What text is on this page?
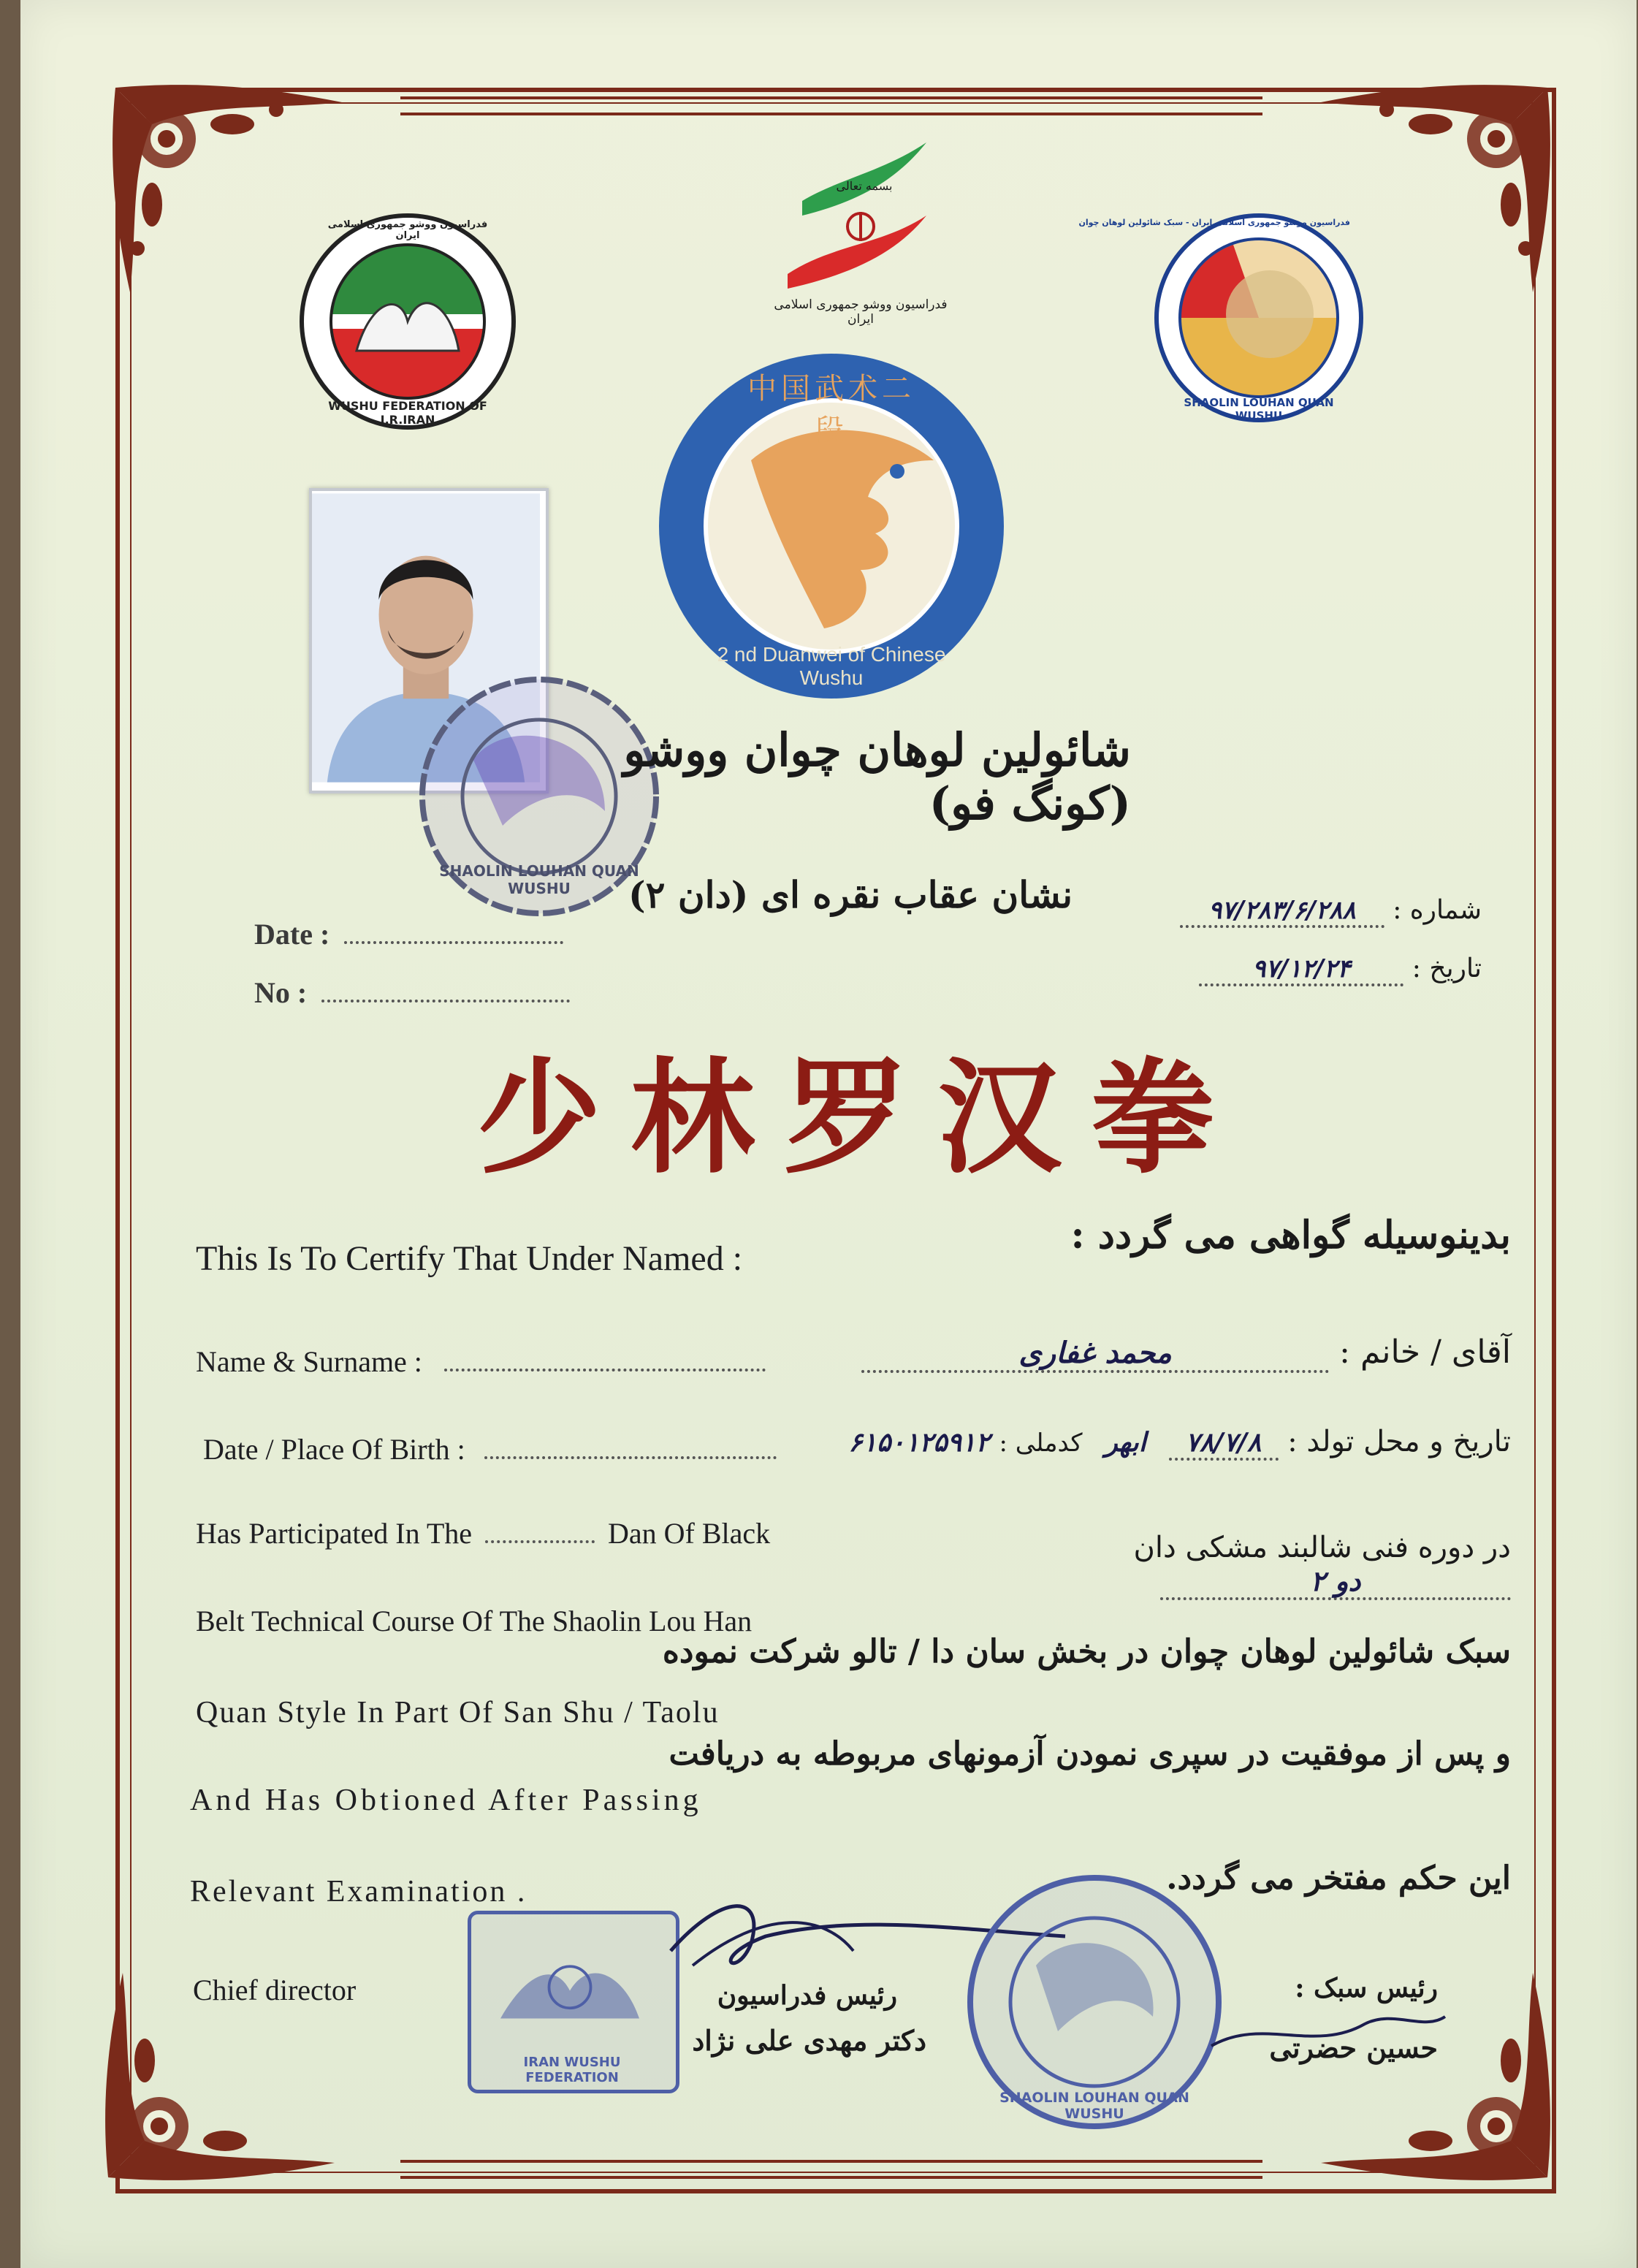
WUSHU FEDERATION OF I.R.IRAN
فدراسیون ووشو جمهوری اسلامی ایران
بسمه تعالی
فدراسیون ووشو جمهوری اسلامی ایران
SHAOLIN LOUHAN QUAN WUSHU
فدراسیون ووشو جمهوری اسلامی ایران - سبک شائولین لوهان چوان
中国武术二段
2 nd Duanwei of Chinese Wushu
SHAOLIN LOUHAN QUAN WUSHU
شائولین لوهان چوان ووشو (کونگ فو)
نشان عقاب نقره ای (دان ۲)
Date :
No :
شماره : ۹۷/۲۸۳/۶/۲۸۸
تاریخ : ۹۷/۱۲/۲۴
少林罗汉拳
This Is To Certify That Under Named :
Name & Surname :
Date / Place Of Birth :
Has Participated In The	Dan Of Black
Belt Technical Course Of The Shaolin Lou Han
Quan Style In Part Of San Shu / Taolu
And Has Obtioned After Passing
Relevant Examination .
Chief director
بدینوسیله گواهی می گردد :
آقای / خانم : محمد غفاری
تاریخ و محل تولد : ۷۸/۷/۸ ابهر کدملی : ۶۱۵۰۱۲۵۹۱۲
در دوره فنی شالبند مشکی دان دو ۲
سبک شائولین لوهان چوان در بخش سان دا / تالو شرکت نموده
و پس از موفقیت در سپری نمودن آزمونهای مربوطه به دریافت
این حکم مفتخر می گردد.
IRAN WUSHU FEDERATION
رئیس فدراسیون
دکتر مهدی علی نژاد
SHAOLIN LOUHAN QUAN WUSHU
رئیس سبک :
حسین حضرتی
